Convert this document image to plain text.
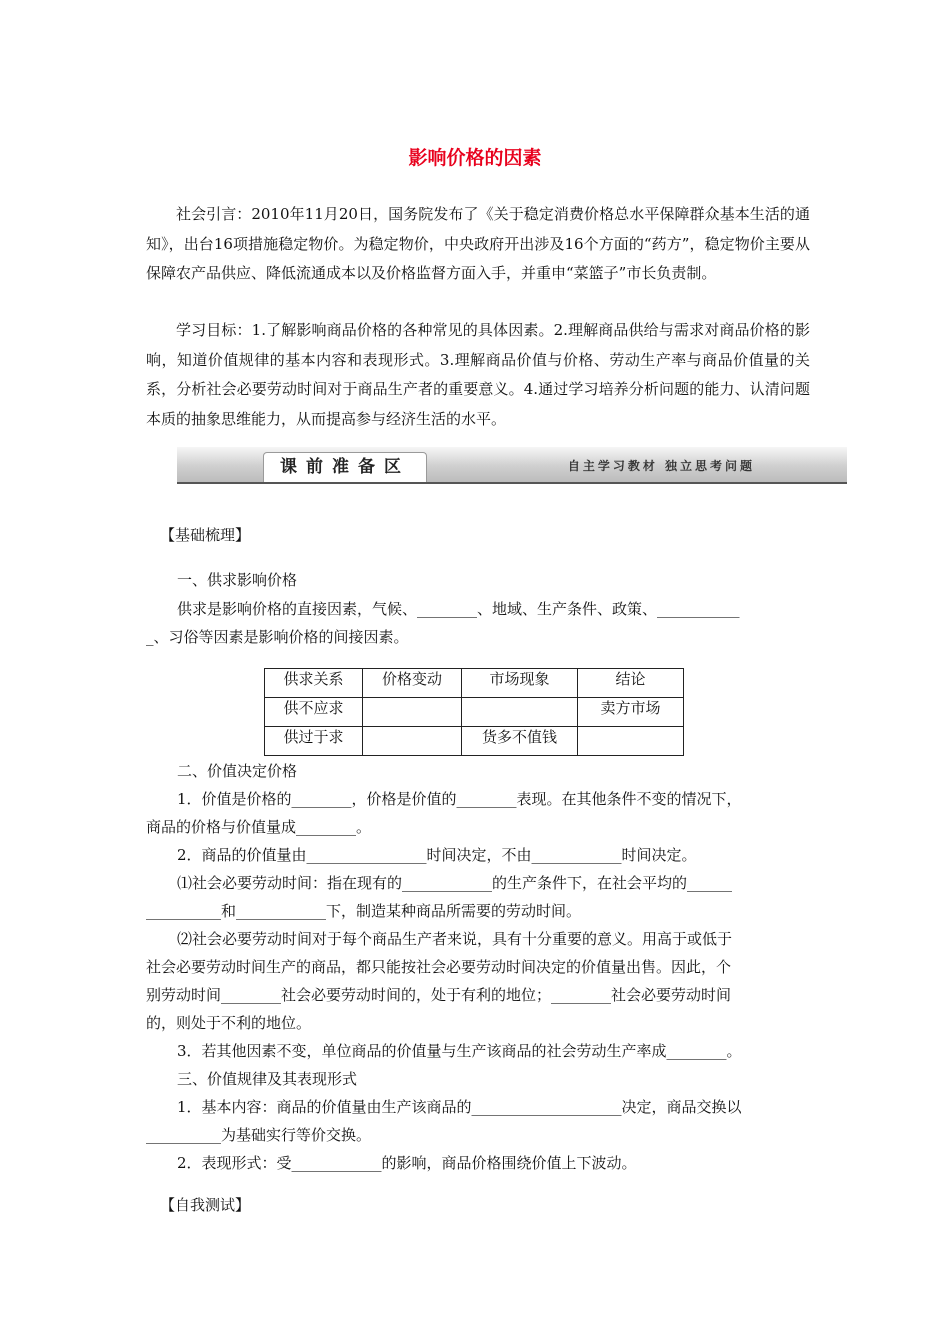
影响价格的因素

社会引言：2010年11月20日，国务院发布了《关于稳定消费价格总水平保障群众基本生活的通知》，出台16项措施稳定物价。为稳定物价，中央政府开出涉及16个方面的“药方”，稳定物价主要从保障农产品供应、降低流通成本以及价格监督方面入手，并重申“菜篮子”市长负责制。

学习目标：1.了解影响商品价格的各种常见的具体因素。2.理解商品供给与需求对商品价格的影响，知道价值规律的基本内容和表现形式。3.理解商品价值与价格、劳动生产率与商品价值量的关系，分析社会必要劳动时间对于商品生产者的重要意义。4.通过学习培养分析问题的能力、认清问题本质的抽象思维能力，从而提高参与经济生活的水平。

课前准备区	自主学习教材 独立思考问题
【基础梳理】
一、供求影响价格
供求是影响价格的直接因素，气候、________、地域、生产条件、政策、___________
_、习俗等因素是影响价格的间接因素。
供求关系	价格变动	市场现象	结论
供不应求			卖方市场
供过于求		货多不值钱	
二、价值决定价格
1．价值是价格的________，价格是价值的________表现。在其他条件不变的情况下，
商品的价格与价值量成________。
2．商品的价值量由________________时间决定，不由____________时间决定。
⑴社会必要劳动时间：指在现有的____________的生产条件下，在社会平均的______
__________和____________下，制造某种商品所需要的劳动时间。
⑵社会必要劳动时间对于每个商品生产者来说，具有十分重要的意义。用高于或低于
社会必要劳动时间生产的商品，都只能按社会必要劳动时间决定的价值量出售。因此，个
别劳动时间________社会必要劳动时间的，处于有利的地位；________社会必要劳动时间
的，则处于不利的地位。
3．若其他因素不变，单位商品的价值量与生产该商品的社会劳动生产率成________。
三、价值规律及其表现形式
1．基本内容：商品的价值量由生产该商品的____________________决定，商品交换以
__________为基础实行等价交换。
2．表现形式：受____________的影响，商品价格围绕价值上下波动。
【自我测试】
